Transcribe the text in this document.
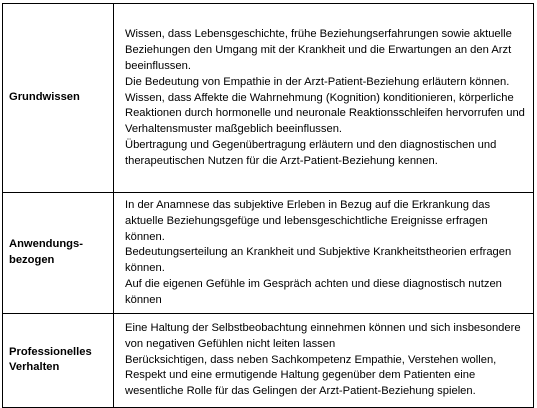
Grundwissen	Wissen, dass Lebensgeschichte, frühe Beziehungserfahrungen sowie aktuelle Beziehungen den Umgang mit der Krankheit und die Erwartungen an den Arzt beeinflussen.
Die Bedeutung von Empathie in der Arzt-Patient-Beziehung erläutern können.
Wissen, dass Affekte die Wahrnehmung (Kognition) konditionieren, körperliche Reaktionen durch hormonelle und neuronale Reaktionsschleifen hervorrufen und Verhaltensmuster maßgeblich beeinflussen.
Übertragung und Gegenübertragung erläutern und den diagnostischen und therapeutischen Nutzen für die Arzt-Patient-Beziehung kennen.

Anwendungs-bezogen	In der Anamnese das subjektive Erleben in Bezug auf die Erkrankung das aktuelle Beziehungsgefüge und lebensgeschichtliche Ereignisse erfragen können.
Bedeutungserteilung an Krankheit und Subjektive Krankheitstheorien erfragen können.
Auf die eigenen Gefühle im Gespräch achten und diese diagnostisch nutzen können

Professionelles Verhalten	Eine Haltung der Selbstbeobachtung einnehmen können und sich insbesondere von negativen Gefühlen nicht leiten lassen
Berücksichtigen, dass neben Sachkompetenz Empathie, Verstehen wollen, Respekt und eine ermutigende Haltung gegenüber dem Patienten eine wesentliche Rolle für das Gelingen der Arzt-Patient-Beziehung spielen.
